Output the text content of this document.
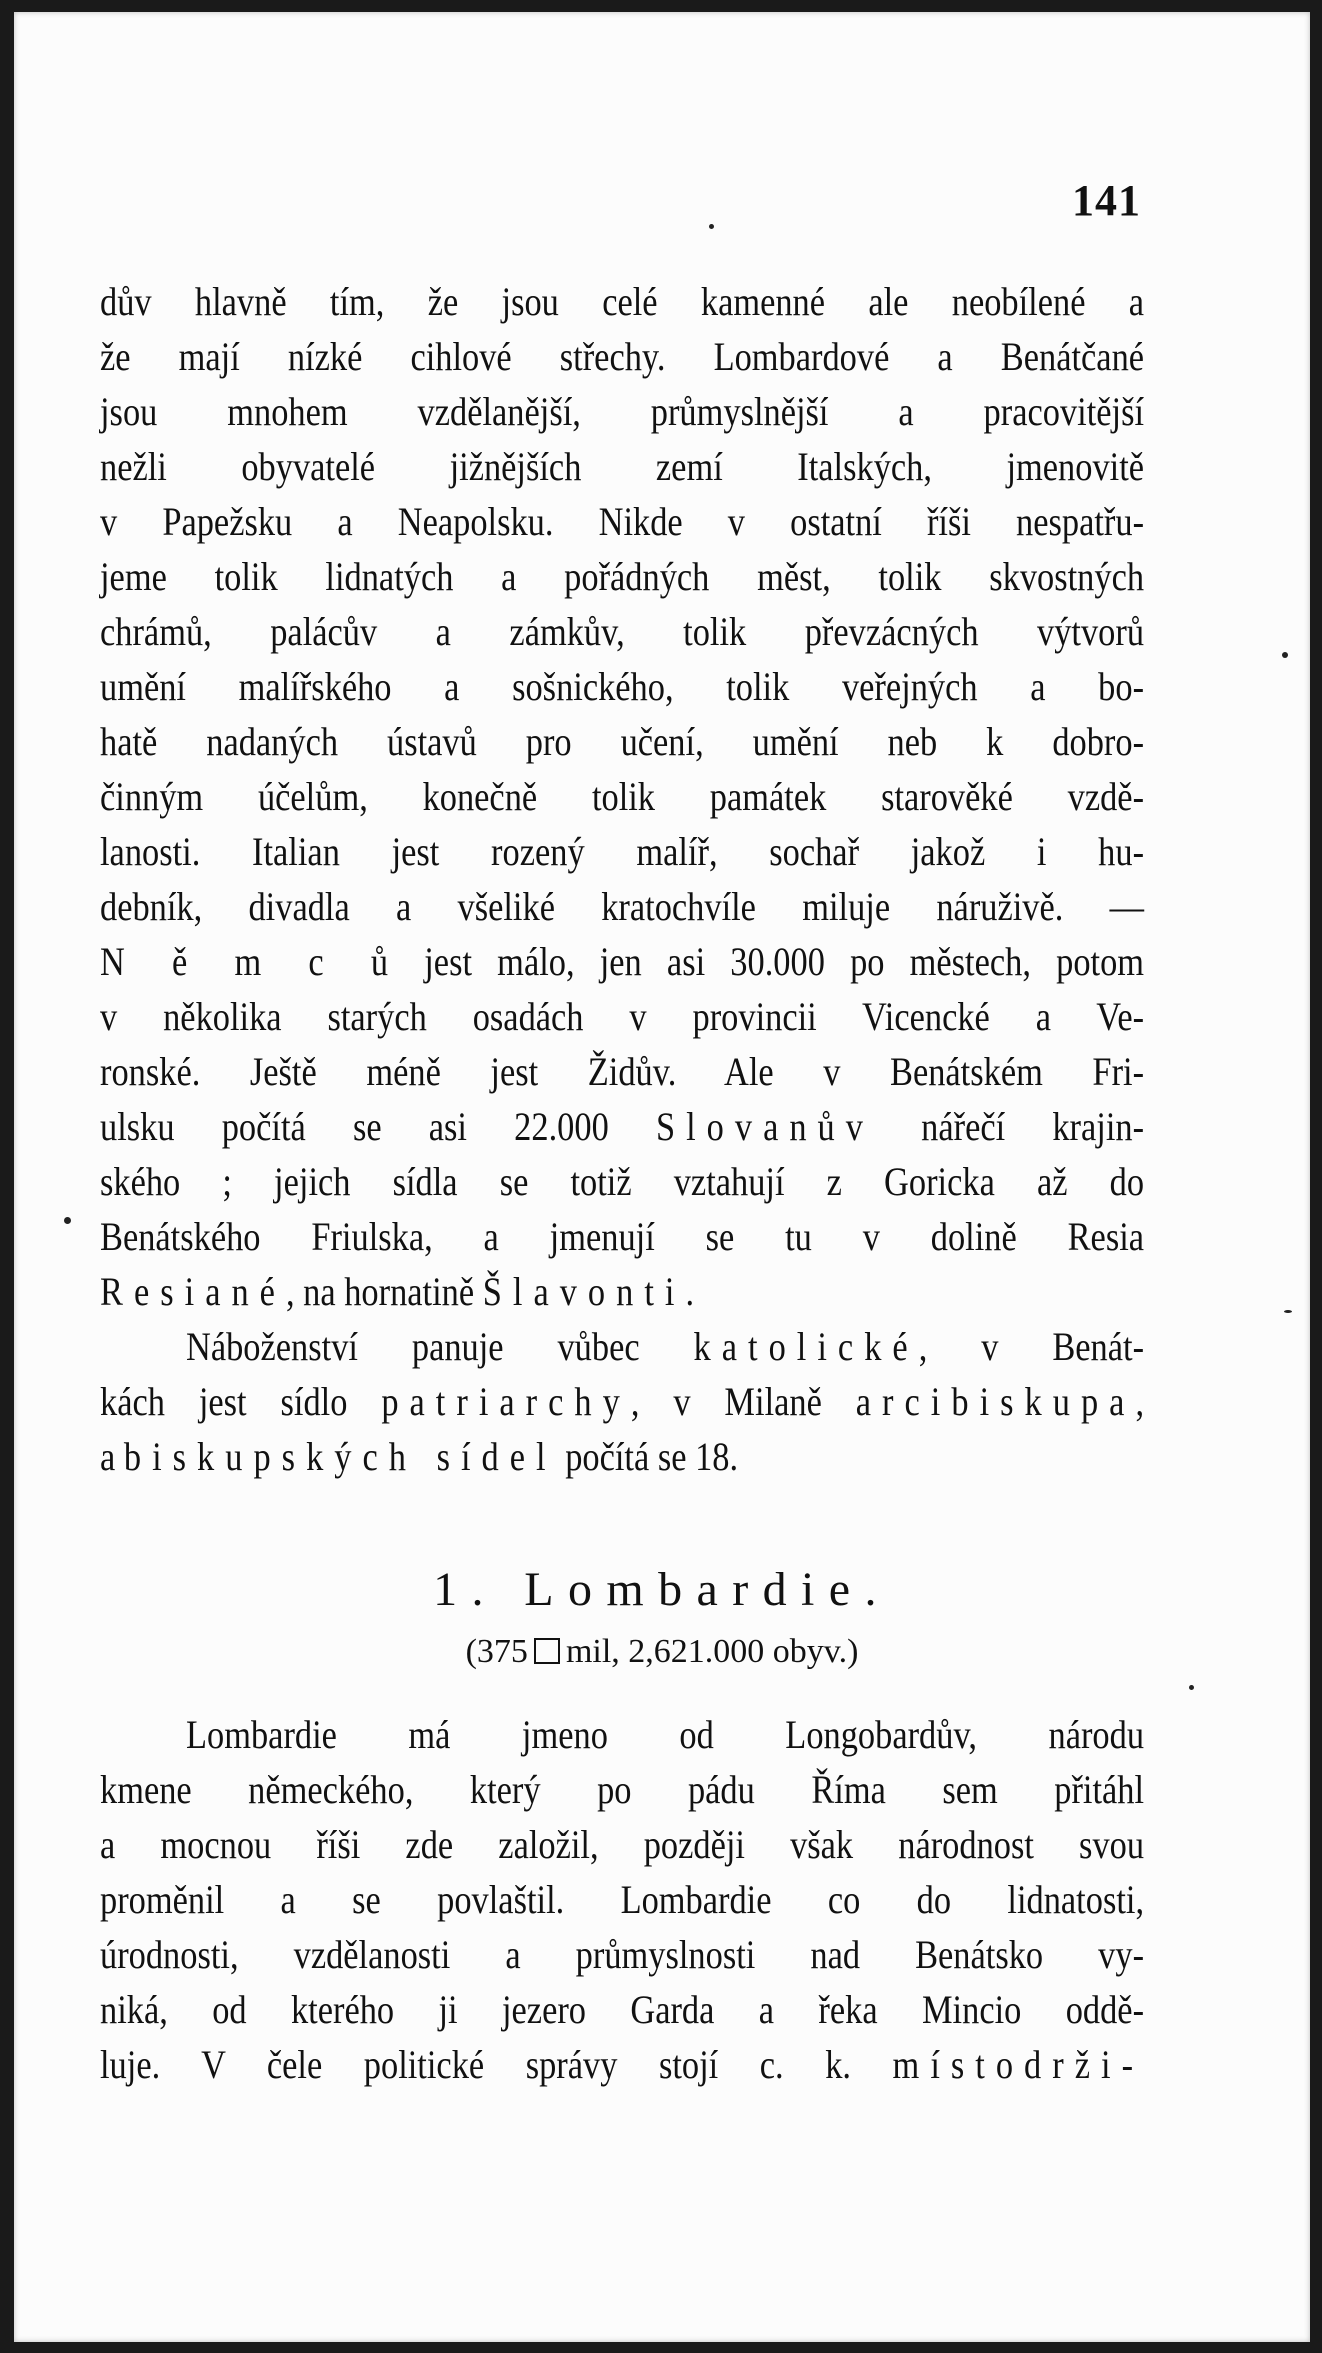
141
dův hlavně tím, že jsou celé kamenné ale neobílené a
že mají nízké cihlové střechy. Lombardové a Benátčané
jsou mnohem vzdělanější, průmyslnější a pracovitější
nežli obyvatelé jižnějších zemí Italských, jmenovitě
v Papežsku a Neapolsku. Nikde v ostatní říši nespatřu-
jeme tolik lidnatých a pořádných měst, tolik skvostných
chrámů, palácův a zámkův, tolik převzácných výtvorů
umění malířského a sošnického, tolik veřejných a bo-
hatě nadaných ústavů pro učení, umění neb k dobro-
činným účelům, konečně tolik památek starověké vzdě-
lanosti. Italian jest rozený malíř, sochař jakož i hu-
debník, divadla a všeliké kratochvíle miluje náruživě. —
N ě m c ů jest málo, jen asi 30.000 po městech, potom
v několika starých osadách v provincii Vicencké a Ve-
ronské. Ještě méně jest Židův. Ale v Benátském Fri-
ulsku počítá se asi 22.000 Slovanův nářečí krajin-
ského ; jejich sídla se totiž vztahují z Goricka až do
Benátského Friulska, a jmenují se tu v dolině Resia
Resiané, na hornatině Šlavonti.
Náboženství panuje vůbec katolické, v Benát-
kách jest sídlo patriarchy, v Milaně arcibiskupa,
a biskupských sídel počítá se 18.
1. Lombardie.
(375 mil, 2,621.000 obyv.)
Lombardie má jmeno od Longobardův, národu
kmene německého, který po pádu Říma sem přitáhl
a mocnou říši zde založil, později však národnost svou
proměnil a se povlaštil. Lombardie co do lidnatosti,
úrodnosti, vzdělanosti a průmyslnosti nad Benátsko vy-
niká, od kterého ji jezero Garda a řeka Mincio oddě-
luje. V čele politické správy stojí c. k. místodrži-
